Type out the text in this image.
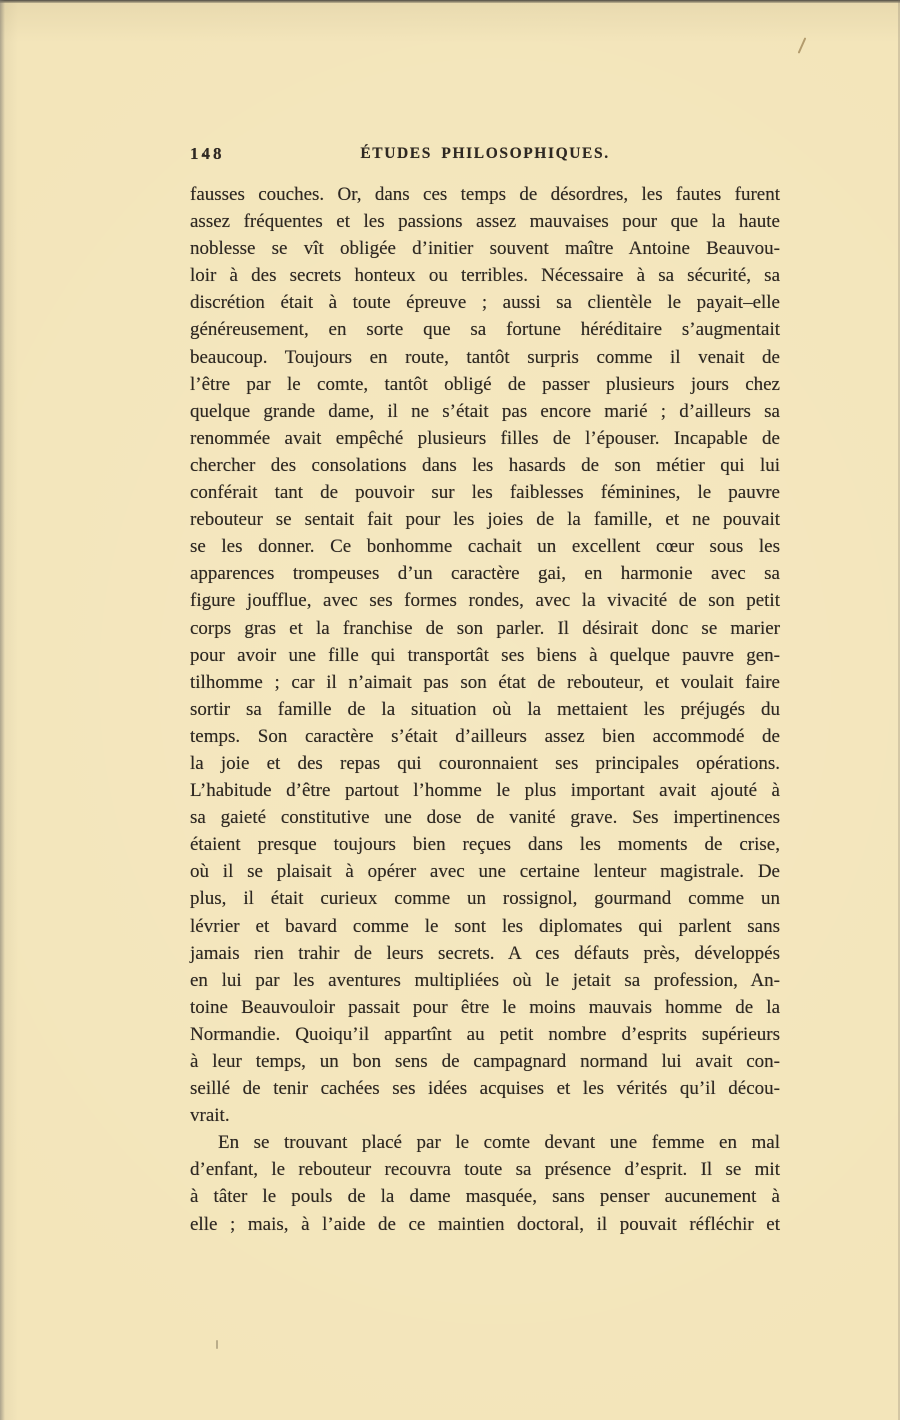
148	ÉTUDES PHILOSOPHIQUES.
fausses couches. Or, dans ces temps de désordres, les fautes furent
assez fréquentes et les passions assez mauvaises pour que la haute
noblesse se vît obligée d’initier souvent maître Antoine Beauvou-
loir à des secrets honteux ou terribles. Nécessaire à sa sécurité, sa
discrétion était à toute épreuve ; aussi sa clientèle le payait–elle
généreusement, en sorte que sa fortune héréditaire s’augmentait
beaucoup. Toujours en route, tantôt surpris comme il venait de
l’être par le comte, tantôt obligé de passer plusieurs jours chez
quelque grande dame, il ne s’était pas encore marié ; d’ailleurs sa
renommée avait empêché plusieurs filles de l’épouser. Incapable de
chercher des consolations dans les hasards de son métier qui lui
conférait tant de pouvoir sur les faiblesses féminines, le pauvre
rebouteur se sentait fait pour les joies de la famille, et ne pouvait
se les donner. Ce bonhomme cachait un excellent cœur sous les
apparences trompeuses d’un caractère gai, en harmonie avec sa
figure joufflue, avec ses formes rondes, avec la vivacité de son petit
corps gras et la franchise de son parler. Il désirait donc se marier
pour avoir une fille qui transportât ses biens à quelque pauvre gen-
tilhomme ; car il n’aimait pas son état de rebouteur, et voulait faire
sortir sa famille de la situation où la mettaient les préjugés du
temps. Son caractère s’était d’ailleurs assez bien accommodé de
la joie et des repas qui couronnaient ses principales opérations.
L’habitude d’être partout l’homme le plus important avait ajouté à
sa gaieté constitutive une dose de vanité grave. Ses impertinences
étaient presque toujours bien reçues dans les moments de crise,
où il se plaisait à opérer avec une certaine lenteur magistrale. De
plus, il était curieux comme un rossignol, gourmand comme un
lévrier et bavard comme le sont les diplomates qui parlent sans
jamais rien trahir de leurs secrets. A ces défauts près, développés
en lui par les aventures multipliées où le jetait sa profession, An-
toine Beauvouloir passait pour être le moins mauvais homme de la
Normandie. Quoiqu’il appartînt au petit nombre d’esprits supérieurs
à leur temps, un bon sens de campagnard normand lui avait con-
seillé de tenir cachées ses idées acquises et les vérités qu’il décou-
vrait.
En se trouvant placé par le comte devant une femme en mal
d’enfant, le rebouteur recouvra toute sa présence d’esprit. Il se mit
à tâter le pouls de la dame masquée, sans penser aucunement à
elle ; mais, à l’aide de ce maintien doctoral, il pouvait réfléchir et
